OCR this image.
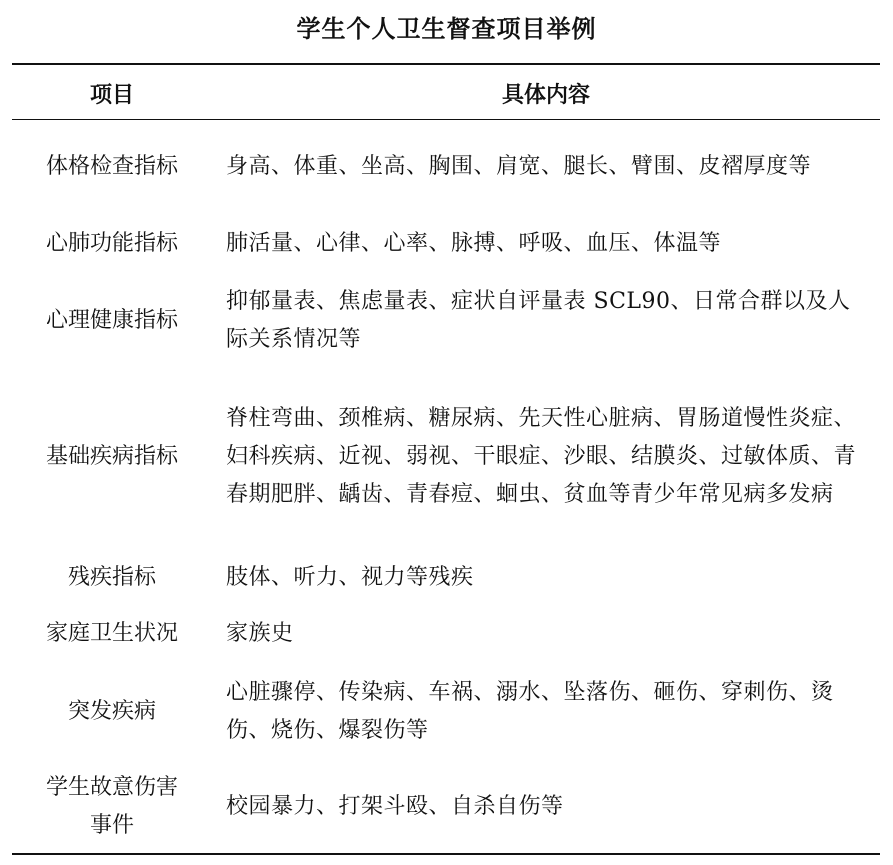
学生个人卫生督查项目举例
项目	具体内容
体格检查指标 身高、体重、坐高、胸围、肩宽、腿长、臂围、皮褶厚度等
心肺功能指标 肺活量、心律、心率、脉搏、呼吸、血压、体温等
心理健康指标
抑郁量表、焦虑量表、症状自评量表 SCL90、日常合群以及人际关系情况等
基础疾病指标
脊柱弯曲、颈椎病、糖尿病、先天性心脏病、胃肠道慢性炎症、妇科疾病、近视、弱视、干眼症、沙眼、结膜炎、过敏体质、青春期肥胖、龋齿、青春痘、蛔虫、贫血等青少年常见病多发病
残疾指标	肢体、听力、视力等残疾
家庭卫生状况 家族史
突发疾病
心脏骤停、传染病、车祸、溺水、坠落伤、砸伤、穿刺伤、烫伤、烧伤、爆裂伤等
学生故意伤害事件
校园暴力、打架斗殴、自杀自伤等
